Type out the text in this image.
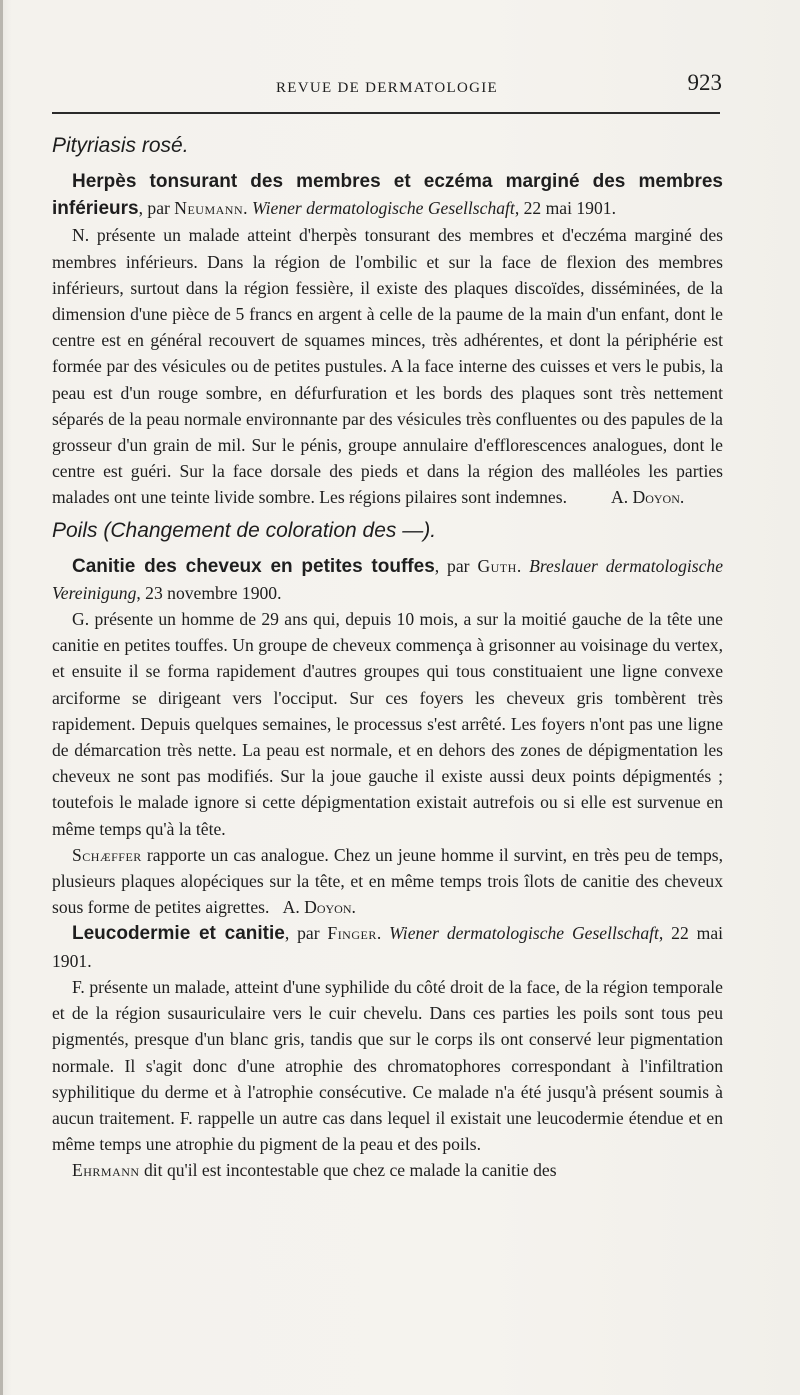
REVUE DE DERMATOLOGIE	923
Pityriasis rosé.

Herpès tonsurant des membres et eczéma marginé des membres inférieurs, par Neumann. Wiener dermatologische Gesellschaft, 22 mai 1901.

N. présente un malade atteint d'herpès tonsurant des membres et d'eczéma marginé des membres inférieurs. Dans la région de l'ombilic et sur la face de flexion des membres inférieurs, surtout dans la région fessière, il existe des plaques discoïdes, disséminées, de la dimension d'une pièce de 5 francs en argent à celle de la paume de la main d'un enfant, dont le centre est en général recouvert de squames minces, très adhérentes, et dont la périphérie est formée par des vésicules ou de petites pustules. A la face interne des cuisses et vers le pubis, la peau est d'un rouge sombre, en défurfuration et les bords des plaques sont très nettement séparés de la peau normale environnante par des vésicules très confluentes ou des papules de la grosseur d'un grain de mil. Sur le pénis, groupe annulaire d'efflorescences analogues, dont le centre est guéri. Sur la face dorsale des pieds et dans la région des malléoles les parties malades ont une teinte livide sombre. Les régions pilaires sont indemnes. A. Doyon.

Poils (Changement de coloration des —).

Canitie des cheveux en petites touffes, par Guth. Breslauer dermatologische Vereinigung, 23 novembre 1900.

G. présente un homme de 29 ans qui, depuis 10 mois, a sur la moitié gauche de la tête une canitie en petites touffes. Un groupe de cheveux commença à grisonner au voisinage du vertex, et ensuite il se forma rapidement d'autres groupes qui tous constituaient une ligne convexe arciforme se dirigeant vers l'occiput. Sur ces foyers les cheveux gris tombèrent très rapidement. Depuis quelques semaines, le processus s'est arrêté. Les foyers n'ont pas une ligne de démarcation très nette. La peau est normale, et en dehors des zones de dépigmentation les cheveux ne sont pas modifiés. Sur la joue gauche il existe aussi deux points dépigmentés ; toutefois le malade ignore si cette dépigmentation existait autrefois ou si elle est survenue en même temps qu'à la tête.

Schæffer rapporte un cas analogue. Chez un jeune homme il survint, en très peu de temps, plusieurs plaques alopéciques sur la tête, et en même temps trois îlots de canitie des cheveux sous forme de petites aigrettes. A. Doyon.

Leucodermie et canitie, par Finger. Wiener dermatologische Gesellschaft, 22 mai 1901.

F. présente un malade, atteint d'une syphilide du côté droit de la face, de la région temporale et de la région susauriculaire vers le cuir chevelu. Dans ces parties les poils sont tous peu pigmentés, presque d'un blanc gris, tandis que sur le corps ils ont conservé leur pigmentation normale. Il s'agit donc d'une atrophie des chromatophores correspondant à l'infiltration syphilitique du derme et à l'atrophie consécutive. Ce malade n'a été jusqu'à présent soumis à aucun traitement. F. rappelle un autre cas dans lequel il existait une leucodermie étendue et en même temps une atrophie du pigment de la peau et des poils.

Ehrmann dit qu'il est incontestable que chez ce malade la canitie des
